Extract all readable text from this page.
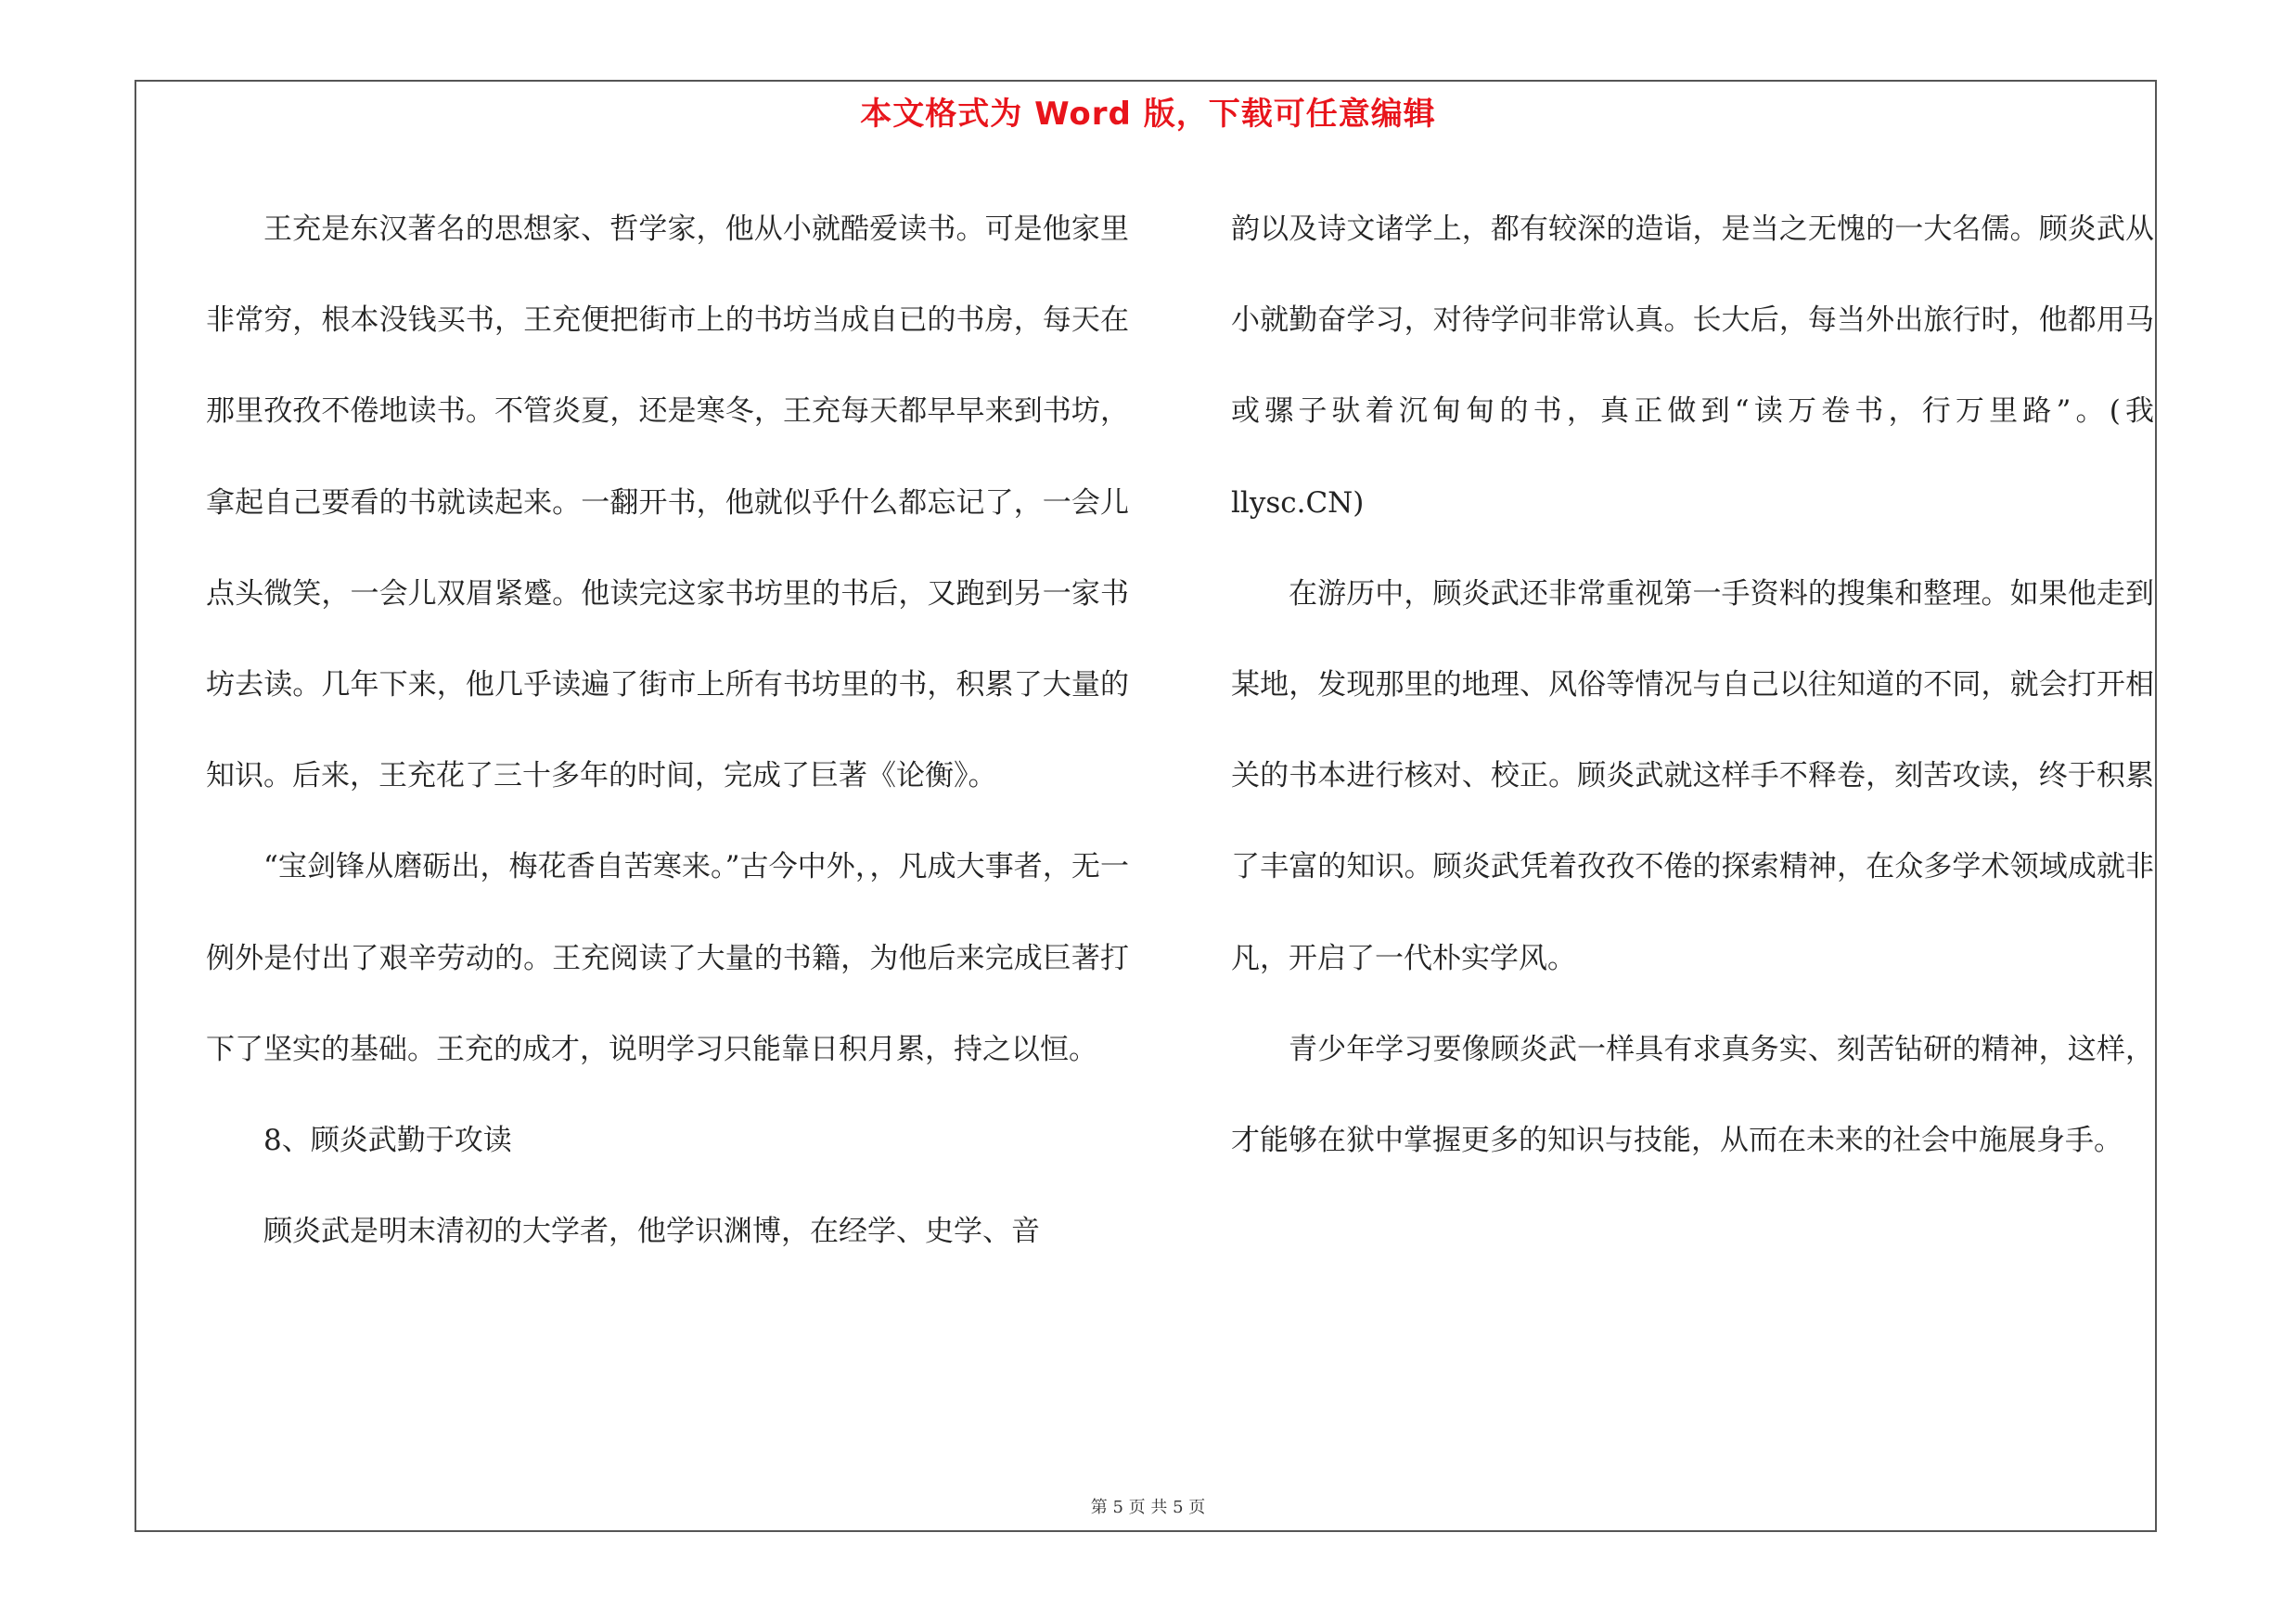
本文格式为 Word 版，下载可任意编辑

王充是东汉著名的思想家、哲学家，他从小就酷爱读书。可是他家里非常穷，根本没钱买书，王充便把街市上的书坊当成自已的书房，每天在那里孜孜不倦地读书。不管炎夏，还是寒冬，王充每天都早早来到书坊，拿起自己要看的书就读起来。一翻开书，他就似乎什么都忘记了，一会儿点头微笑，一会儿双眉紧蹙。他读完这家书坊里的书后，又跑到另一家书坊去读。几年下来，他几乎读遍了街市上所有书坊里的书，积累了大量的知识。后来，王充花了三十多年的时间，完成了巨著《论衡》。

“宝剑锋从磨砺出，梅花香自苦寒来。”古今中外，，凡成大事者，无一例外是付出了艰辛劳动的。王充阅读了大量的书籍，为他后来完成巨著打下了坚实的基础。王充的成才，说明学习只能靠日积月累，持之以恒。

8、顾炎武勤于攻读

顾炎武是明末清初的大学者，他学识渊博，在经学、史学、音

韵以及诗文诸学上，都有较深的造诣，是当之无愧的一大名儒。顾炎武从小就勤奋学习，对待学问非常认真。长大后，每当外出旅行时，他都用马或骡子驮着沉甸甸的书，真正做到“读万卷书，行万里路”。(我 llysc.CN)

在游历中，顾炎武还非常重视第一手资料的搜集和整理。如果他走到某地，发现那里的地理、风俗等情况与自己以往知道的不同，就会打开相关的书本进行核对、校正。顾炎武就这样手不释卷，刻苦攻读，终于积累了丰富的知识。顾炎武凭着孜孜不倦的探索精神，在众多学术领域成就非凡，开启了一代朴实学风。

青少年学习要像顾炎武一样具有求真务实、刻苦钻研的精神，这样，才能够在狱中掌握更多的知识与技能，从而在未来的社会中施展身手。

第 5 页 共 5 页
